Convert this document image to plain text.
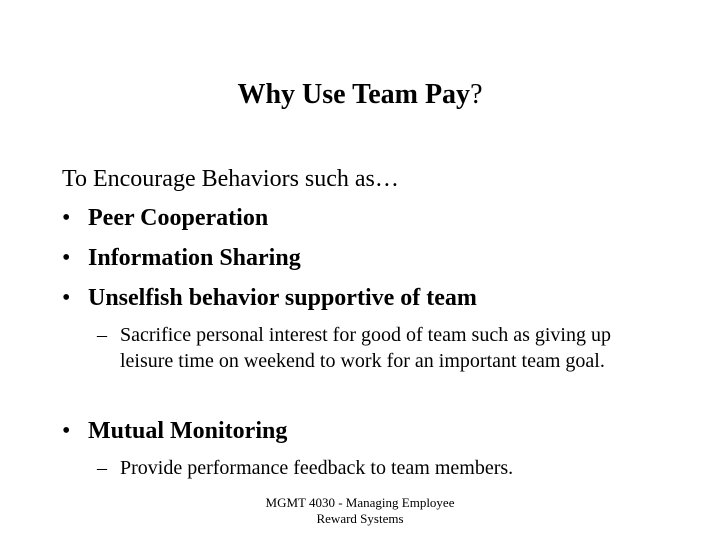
Why Use Team Pay?
To Encourage Behaviors such as…
• Peer Cooperation
• Information Sharing
• Unselfish behavior supportive of team
– Sacrifice personal interest for good of team such as giving up leisure time on weekend to work for an important team goal.
• Mutual Monitoring
– Provide performance feedback to team members.
MGMT 4030 - Managing Employee
Reward Systems
